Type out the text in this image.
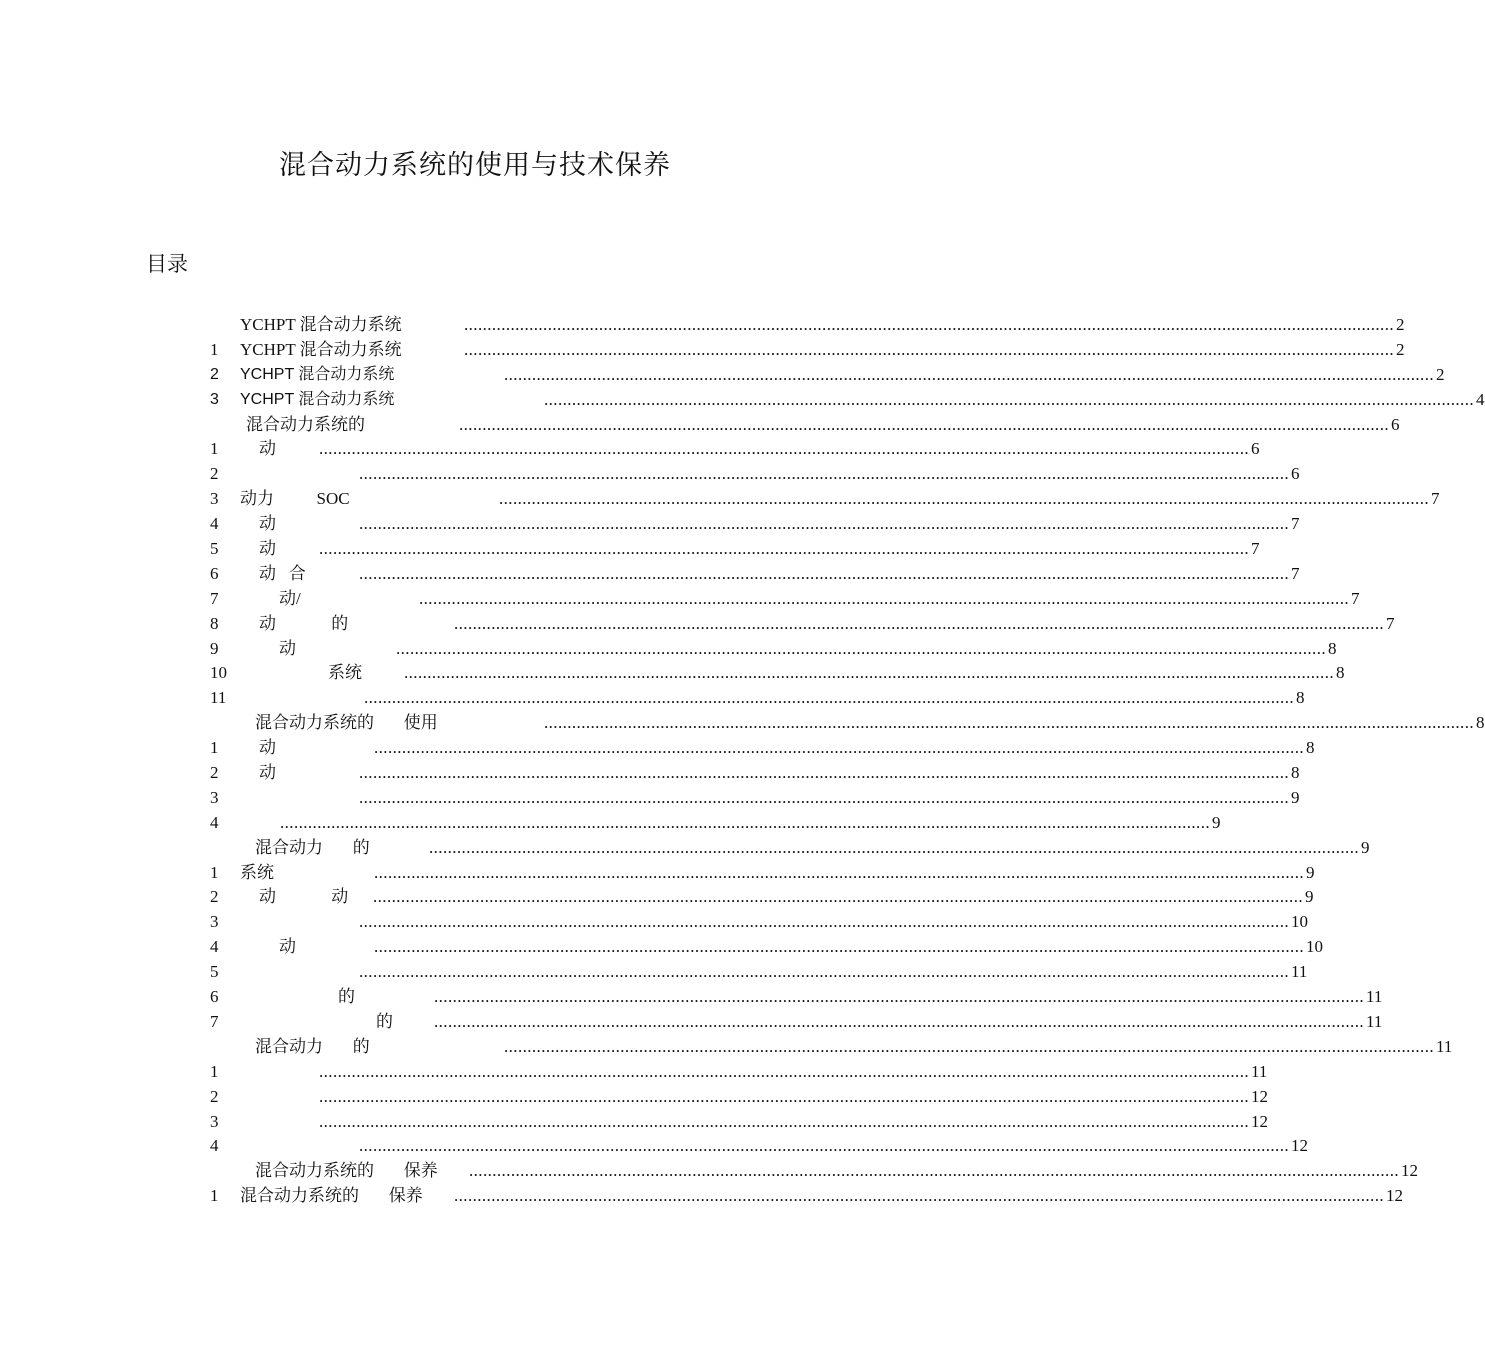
混合动力系统的使用与技术保养
目录
YCHPT 混合动力系统	........................................................................................................................................................................................................ 2
1 YCHPT 混合动力系统	........................................................................................................................................................................................................ 2
2 YCHPT 混合动力系统	........................................................................................................................................................................................................ 2
3 YCHPT 混合动力系统	........................................................................................................................................................................................................ 4
混合动力系统的	........................................................................................................................................................................................................ 6
1 动	........................................................................................................................................................................................................ 6
2	........................................................................................................................................................................................................ 6
3 动力          SOC	........................................................................................................................................................................................................ 7
4 动	........................................................................................................................................................................................................ 7
5 动	........................................................................................................................................................................................................ 7
6 动   合	........................................................................................................................................................................................................ 7
7	动/	........................................................................................................................................................................................................ 7
8 动             的	........................................................................................................................................................................................................ 7
9	动	........................................................................................................................................................................................................ 8
10	系统 ........................................................................................................................................................................................................ 8
11	........................................................................................................................................................................................................ 8
混合动力系统的       使用	........................................................................................................................................................................................................ 8
1 动	........................................................................................................................................................................................................ 8
2 动	........................................................................................................................................................................................................ 8
3	........................................................................................................................................................................................................ 9
4	........................................................................................................................................................................................................ 9
混合动力       的	........................................................................................................................................................................................................ 9
1 系统	........................................................................................................................................................................................................ 9
2 动             动 ........................................................................................................................................................................................................ 9
3	........................................................................................................................................................................................................ 10
4	动	........................................................................................................................................................................................................ 10
5	........................................................................................................................................................................................................ 11
6	的	........................................................................................................................................................................................................ 11
7	的 ........................................................................................................................................................................................................ 11
混合动力       的	........................................................................................................................................................................................................ 11
1	........................................................................................................................................................................................................ 11
2	........................................................................................................................................................................................................ 12
3	........................................................................................................................................................................................................ 12
4	........................................................................................................................................................................................................ 12
混合动力系统的       保养 ........................................................................................................................................................................................................ 12
1 混合动力系统的       保养 ........................................................................................................................................................................................................ 12
